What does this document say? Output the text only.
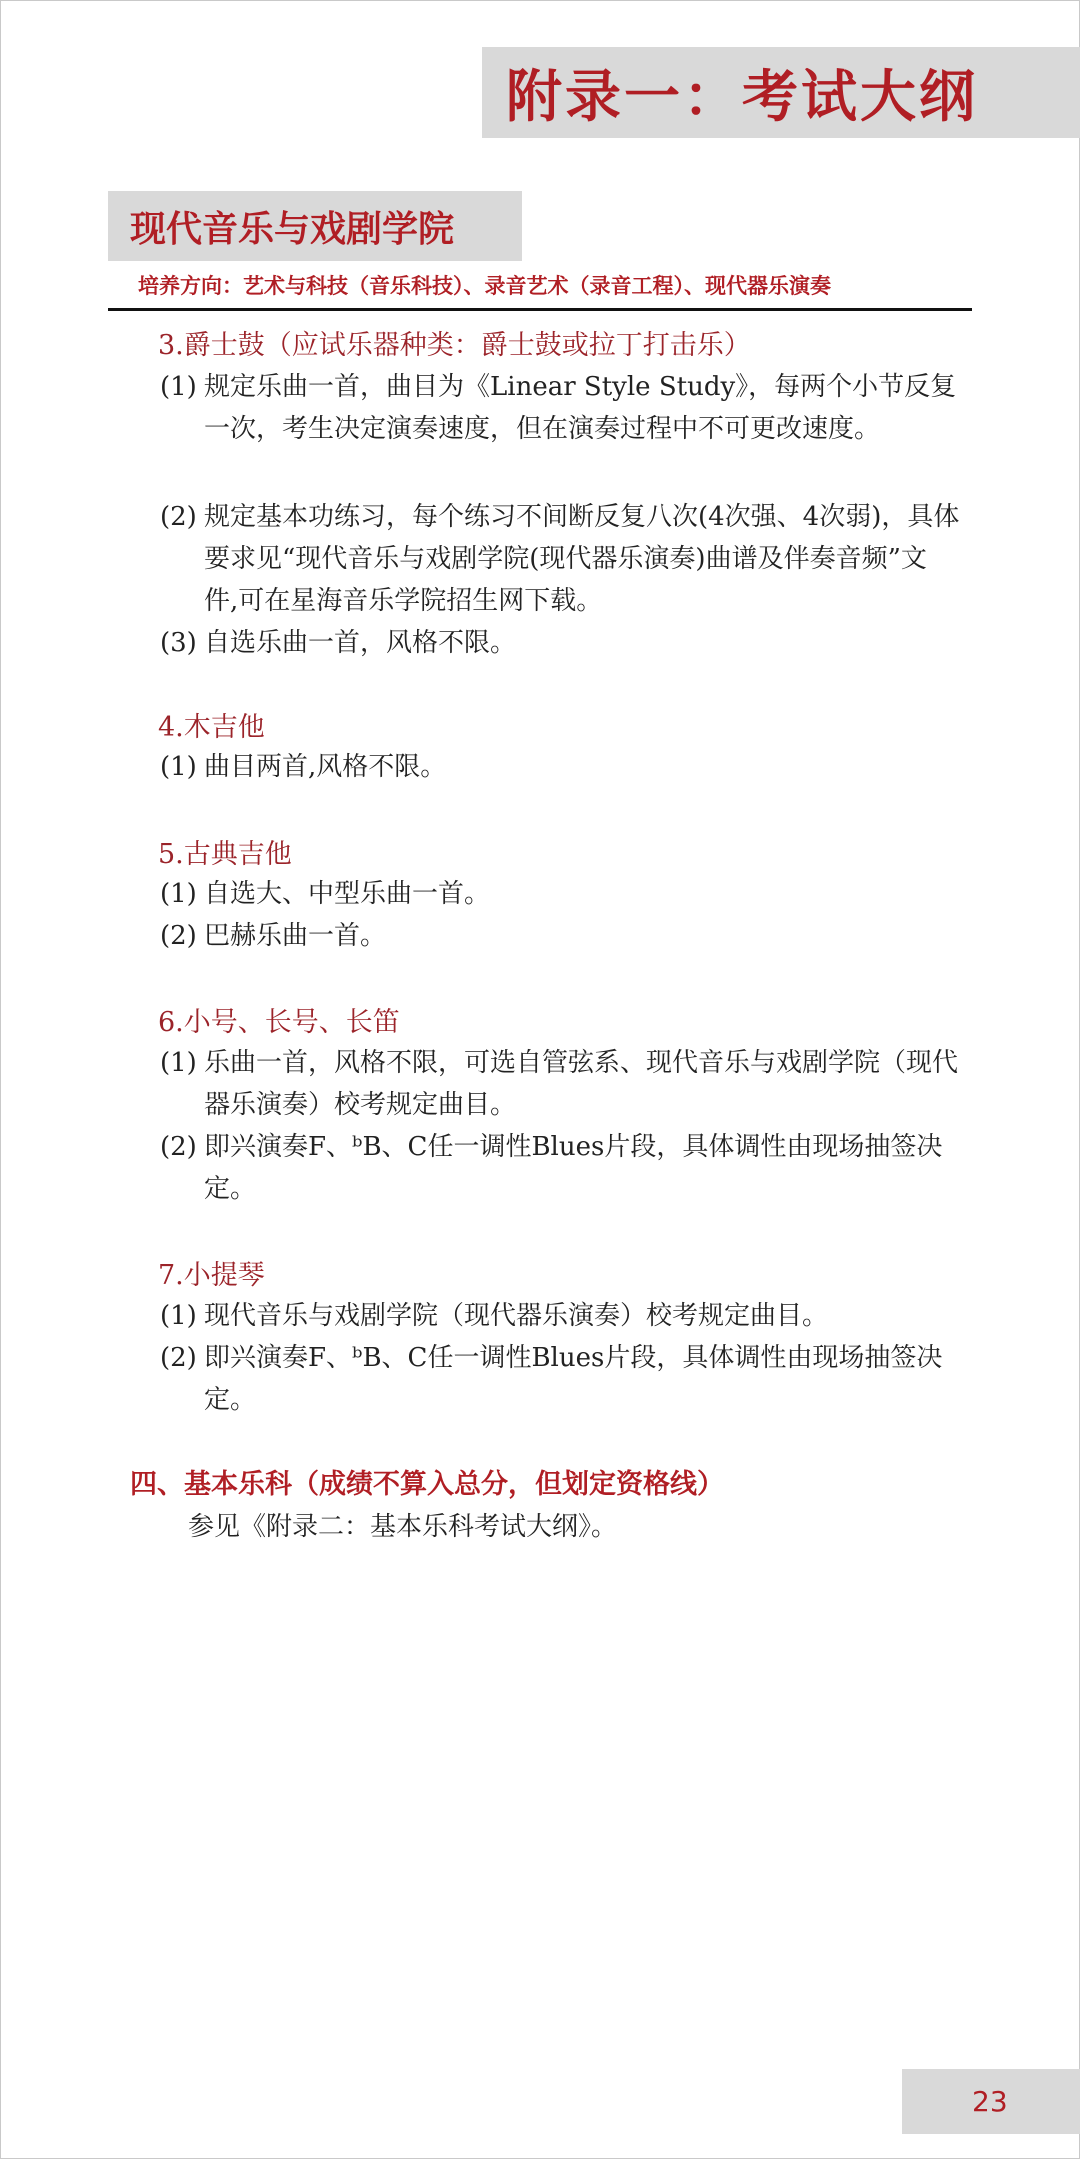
附录一：考试大纲
现代音乐与戏剧学院
培养方向：艺术与科技（音乐科技）、录音艺术（录音工程）、现代器乐演奏
3.爵士鼓（应试乐器种类：爵士鼓或拉丁打击乐）
(1) 规定乐曲一首，曲目为《Linear Style Study》，每两个小节反复一次，考生决定演奏速度，但在演奏过程中不可更改速度。
(2) 规定基本功练习，每个练习不间断反复八次(4次强、4次弱)，具体要求见“现代音乐与戏剧学院(现代器乐演奏)曲谱及伴奏音频”文件,可在星海音乐学院招生网下载。
(3) 自选乐曲一首，风格不限。
4.木吉他
(1) 曲目两首,风格不限。
5.古典吉他
(1) 自选大、中型乐曲一首。
(2) 巴赫乐曲一首。
6.小号、长号、长笛
(1) 乐曲一首，风格不限，可选自管弦系、现代音乐与戏剧学院（现代器乐演奏）校考规定曲目。
(2) 即兴演奏F、ᵇB、C任一调性Blues片段，具体调性由现场抽签决定。
7.小提琴
(1) 现代音乐与戏剧学院（现代器乐演奏）校考规定曲目。
(2) 即兴演奏F、ᵇB、C任一调性Blues片段，具体调性由现场抽签决定。
四、基本乐科（成绩不算入总分，但划定资格线）
参见《附录二：基本乐科考试大纲》。
23
